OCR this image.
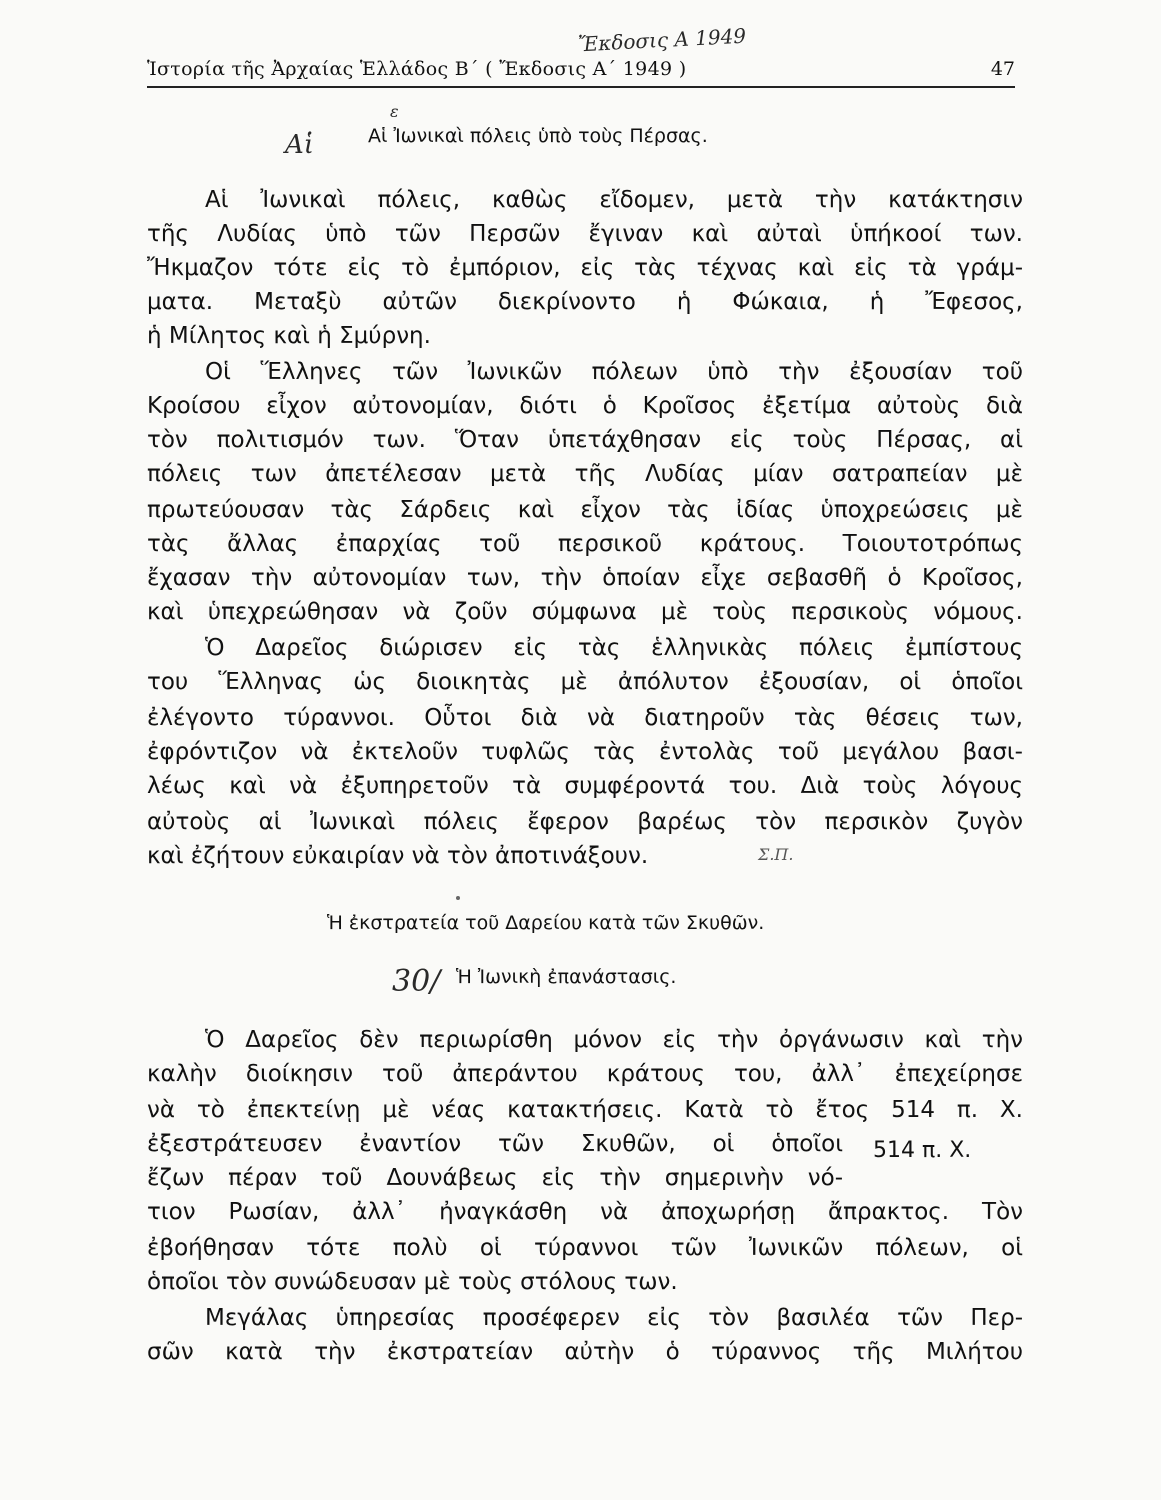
Ἱστορία τῆς Ἀρχαίας Ἑλλάδος Β΄ ( Ἔκδοσις Α΄ 1949 )	47
Ἔκδοσις Α 1949
ε
Αἱ
Σ.Π.
30/
Αἱ Ἰωνικαὶ πόλεις ὑπὸ τοὺς Πέρσας.
Αἱ Ἰωνικαὶ πόλεις, καθὼς εἴδομεν, μετὰ τὴν κατάκτησιν
τῆς Λυδίας ὑπὸ τῶν Περσῶν ἔγιναν καὶ αὐταὶ ὑπήκοοί των.
Ἤκμαζον τότε εἰς τὸ ἐμπόριον, εἰς τὰς τέχνας καὶ εἰς τὰ γράμ-
ματα. Μεταξὺ αὐτῶν διεκρίνοντο ἡ Φώκαια, ἡ Ἔφεσος,
ἡ Μίλητος καὶ ἡ Σμύρνη.
Οἱ Ἕλληνες τῶν Ἰωνικῶν πόλεων ὑπὸ τὴν ἐξουσίαν τοῦ
Κροίσου εἶχον αὐτονομίαν, διότι ὁ Κροῖσος ἐξετίμα αὐτοὺς διὰ
τὸν πολιτισμόν των. Ὅταν ὑπετάχθησαν εἰς τοὺς Πέρσας, αἱ
πόλεις των ἀπετέλεσαν μετὰ τῆς Λυδίας μίαν σατραπείαν μὲ
πρωτεύουσαν τὰς Σάρδεις καὶ εἶχον τὰς ἰδίας ὑποχρεώσεις μὲ
τὰς ἄλλας ἐπαρχίας τοῦ περσικοῦ κράτους. Τοιουτοτρόπως
ἔχασαν τὴν αὐτονομίαν των, τὴν ὁποίαν εἶχε σεβασθῆ ὁ Κροῖσος,
καὶ ὑπεχρεώθησαν νὰ ζοῦν σύμφωνα μὲ τοὺς περσικοὺς νόμους.
Ὁ Δαρεῖος διώρισεν εἰς τὰς ἑλληνικὰς πόλεις ἐμπίστους
του Ἕλληνας ὡς διοικητὰς μὲ ἀπόλυτον ἐξουσίαν, οἱ ὁποῖοι
ἐλέγοντο τύραννοι. Οὗτοι διὰ νὰ διατηροῦν τὰς θέσεις των,
ἐφρόντιζον νὰ ἐκτελοῦν τυφλῶς τὰς ἐντολὰς τοῦ μεγάλου βασι-
λέως καὶ νὰ ἐξυπηρετοῦν τὰ συμφέροντά του. Διὰ τοὺς λόγους
αὐτοὺς αἱ Ἰωνικαὶ πόλεις ἔφερον βαρέως τὸν περσικὸν ζυγὸν
καὶ ἐζήτουν εὐκαιρίαν νὰ τὸν ἀποτινάξουν.
Ἡ ἐκστρατεία τοῦ Δαρείου κατὰ τῶν Σκυθῶν.
Ἡ Ἰωνικὴ ἐπανάστασις.
Ὁ Δαρεῖος δὲν περιωρίσθη μόνον εἰς τὴν ὀργάνωσιν καὶ τὴν
καλὴν διοίκησιν τοῦ ἀπεράντου κράτους του, ἀλλ᾿ ἐπεχείρησε
νὰ τὸ ἐπεκτείνῃ μὲ νέας κατακτήσεις. Κατὰ τὸ ἔτος 514 π. Χ.
ἐξεστράτευσεν ἐναντίον τῶν Σκυθῶν, οἱ ὁποῖοι
ἔζων πέραν τοῦ Δουνάβεως εἰς τὴν σημερινὴν νό-
τιον Ρωσίαν, ἀλλ᾿ ἠναγκάσθη νὰ ἀποχωρήσῃ ἄπρακτος. Τὸν
ἐβοήθησαν τότε πολὺ οἱ τύραννοι τῶν Ἰωνικῶν πόλεων, οἱ
ὁποῖοι τὸν συνώδευσαν μὲ τοὺς στόλους των.
Μεγάλας ὑπηρεσίας προσέφερεν εἰς τὸν βασιλέα τῶν Περ-
σῶν κατὰ τὴν ἐκστρατείαν αὐτὴν ὁ τύραννος τῆς Μιλήτου
514 π. Χ.
